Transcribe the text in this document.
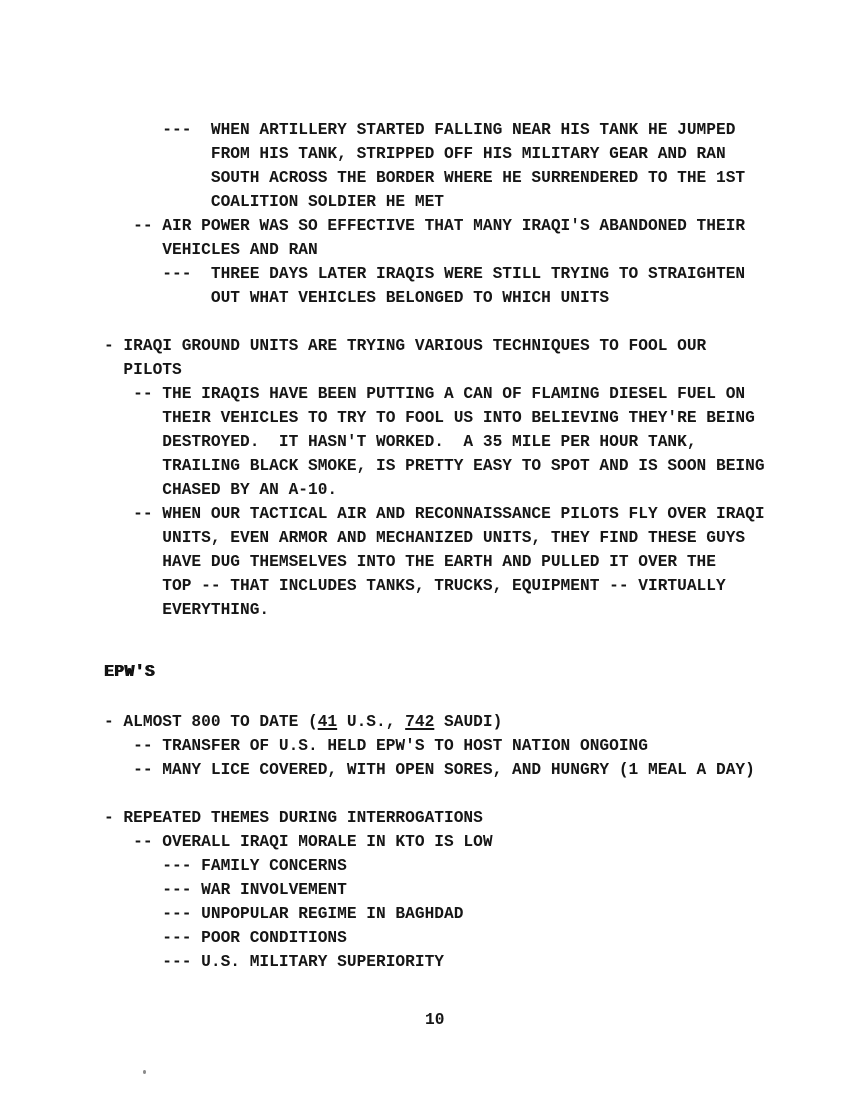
---  WHEN ARTILLERY STARTED FALLING NEAR HIS TANK HE JUMPED
FROM HIS TANK, STRIPPED OFF HIS MILITARY GEAR AND RAN
SOUTH ACROSS THE BORDER WHERE HE SURRENDERED TO THE 1ST
COALITION SOLDIER HE MET
-- AIR POWER WAS SO EFFECTIVE THAT MANY IRAQI'S ABANDONED THEIR
VEHICLES AND RAN
---  THREE DAYS LATER IRAQIS WERE STILL TRYING TO STRAIGHTEN
OUT WHAT VEHICLES BELONGED TO WHICH UNITS
- IRAQI GROUND UNITS ARE TRYING VARIOUS TECHNIQUES TO FOOL OUR
PILOTS
-- THE IRAQIS HAVE BEEN PUTTING A CAN OF FLAMING DIESEL FUEL ON
THEIR VEHICLES TO TRY TO FOOL US INTO BELIEVING THEY'RE BEING
DESTROYED.  IT HASN'T WORKED.  A 35 MILE PER HOUR TANK,
TRAILING BLACK SMOKE, IS PRETTY EASY TO SPOT AND IS SOON BEING
CHASED BY AN A-10.
-- WHEN OUR TACTICAL AIR AND RECONNAISSANCE PILOTS FLY OVER IRAQI
UNITS, EVEN ARMOR AND MECHANIZED UNITS, THEY FIND THESE GUYS
HAVE DUG THEMSELVES INTO THE EARTH AND PULLED IT OVER THE
TOP -- THAT INCLUDES TANKS, TRUCKS, EQUIPMENT -- VIRTUALLY
EVERYTHING.
EPW'S
- ALMOST 800 TO DATE (41 U.S., 742 SAUDI)
-- TRANSFER OF U.S. HELD EPW'S TO HOST NATION ONGOING
-- MANY LICE COVERED, WITH OPEN SORES, AND HUNGRY (1 MEAL A DAY)
- REPEATED THEMES DURING INTERROGATIONS
-- OVERALL IRAQI MORALE IN KTO IS LOW
--- FAMILY CONCERNS
--- WAR INVOLVEMENT
--- UNPOPULAR REGIME IN BAGHDAD
--- POOR CONDITIONS
--- U.S. MILITARY SUPERIORITY
10
